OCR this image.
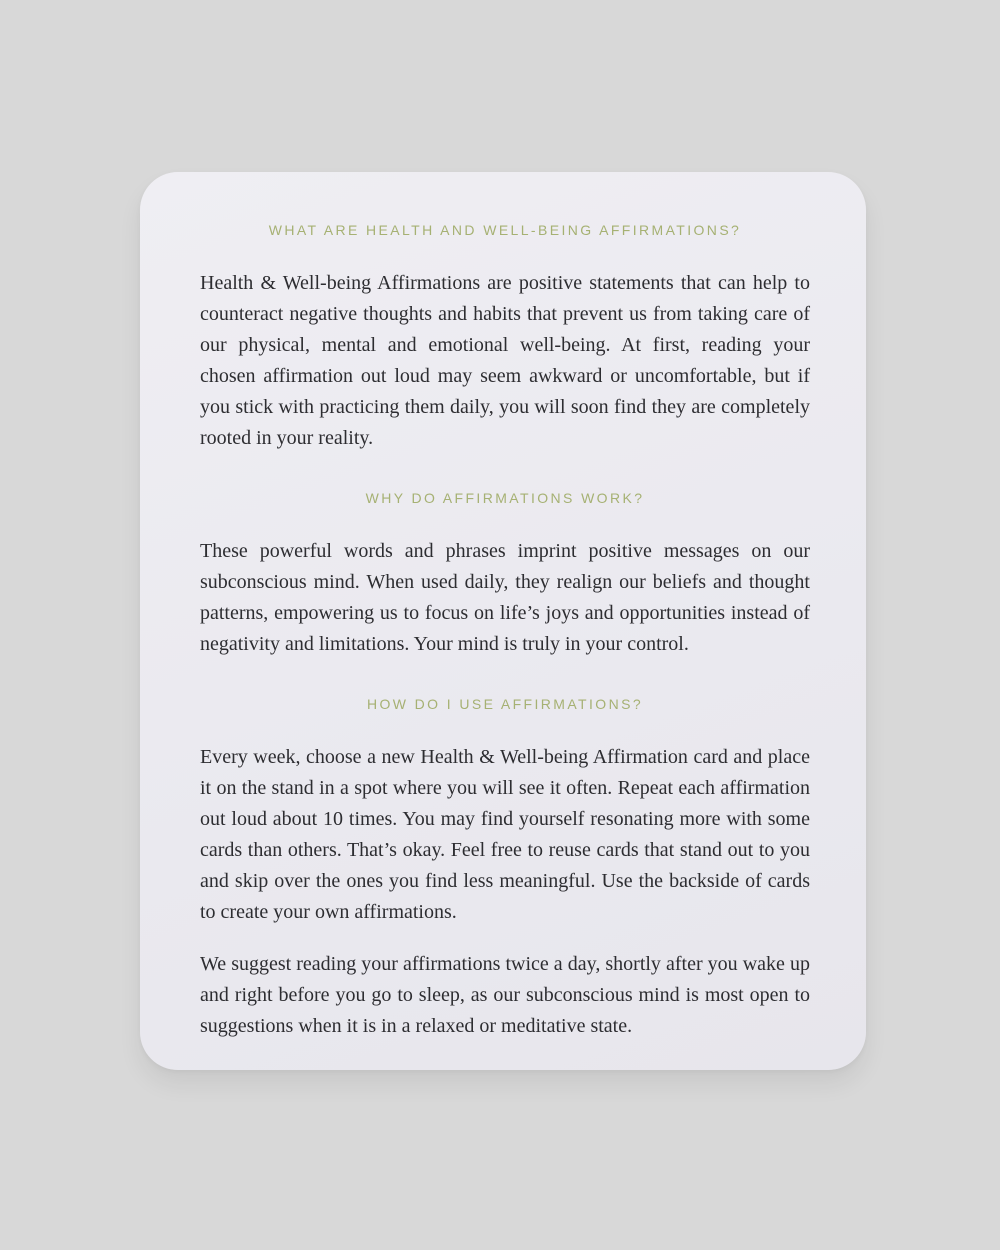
WHAT ARE HEALTH AND WELL-BEING AFFIRMATIONS?

Health & Well-being Affirmations are positive statements that can help to counteract negative thoughts and habits that prevent us from taking care of our physical, mental and emotional well-being. At first, reading your chosen affirmation out loud may seem awkward or uncomfortable, but if you stick with practicing them daily, you will soon find they are completely rooted in your reality.

WHY DO AFFIRMATIONS WORK?

These powerful words and phrases imprint positive messages on our subconscious mind. When used daily, they realign our beliefs and thought patterns, empowering us to focus on life’s joys and opportunities instead of negativity and limitations. Your mind is truly in your control.

HOW DO I USE AFFIRMATIONS?

Every week, choose a new Health & Well-being Affirmation card and place it on the stand in a spot where you will see it often. Repeat each affirmation out loud about 10 times. You may find yourself resonating more with some cards than others. That’s okay. Feel free to reuse cards that stand out to you and skip over the ones you find less meaningful. Use the backside of cards to create your own affirmations.

We suggest reading your affirmations twice a day, shortly after you wake up and right before you go to sleep, as our subconscious mind is most open to suggestions when it is in a relaxed or meditative state.
